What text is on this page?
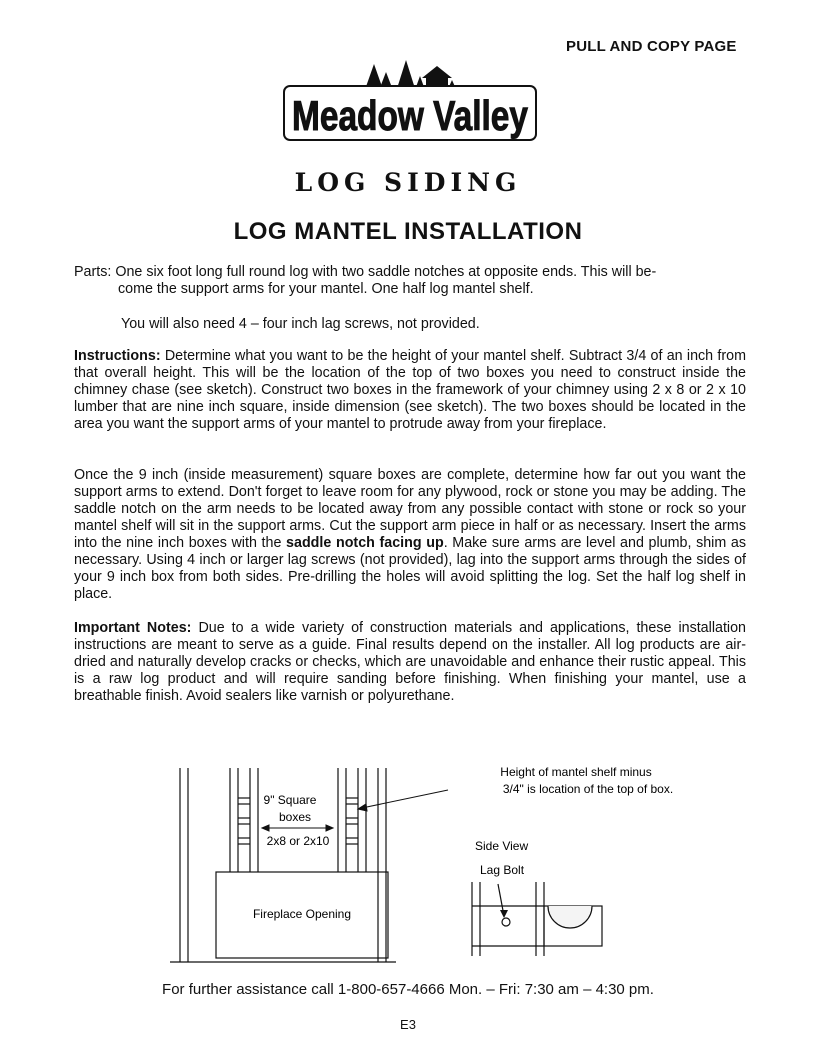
PULL AND COPY PAGE
Meadow Valley
LOG SIDING
LOG MANTEL INSTALLATION
Parts: One six foot long full round log with two saddle notches at opposite ends. This will be-
come the support arms for your mantel. One half log mantel shelf.
You will also need 4 – four inch lag screws, not provided.
Instructions: Determine what you want to be the height of your mantel shelf. Subtract 3/4 of an inch from that overall height. This will be the location of the top of two boxes you need to construct inside the chimney chase (see sketch). Construct two boxes in the framework of your chimney using 2 x 8 or 2 x 10 lumber that are nine inch square, inside dimension (see sketch). The two boxes should be located in the area you want the support arms of your mantel to protrude away from your fireplace.
Once the 9 inch (inside measurement) square boxes are complete, determine how far out you want the support arms to extend. Don't forget to leave room for any plywood, rock or stone you may be adding. The saddle notch on the arm needs to be located away from any possible contact with stone or rock so your mantel shelf will sit in the support arms. Cut the support arm piece in half or as necessary. Insert the arms into the nine inch boxes with the saddle notch facing up. Make sure arms are level and plumb, shim as necessary. Using 4 inch or larger lag screws (not provided), lag into the support arms through the sides of your 9 inch box from both sides. Pre-drilling the holes will avoid splitting the log. Set the half log shelf in place.
Important Notes: Due to a wide variety of construction materials and applications, these installation instructions are meant to serve as a guide. Final results depend on the installer. All log products are air-dried and naturally develop cracks or checks, which are unavoidable and enhance their rustic appeal. This is a raw log product and will require sanding before finishing. When finishing your mantel, use a breathable finish. Avoid sealers like varnish or polyurethane.
9" Square
boxes
2x8 or 2x10
Fireplace Opening
Height of mantel shelf minus
3/4" is location of the top of box.
Side View
Lag Bolt
For further assistance call 1-800-657-4666 Mon. – Fri: 7:30 am – 4:30 pm.
E3
